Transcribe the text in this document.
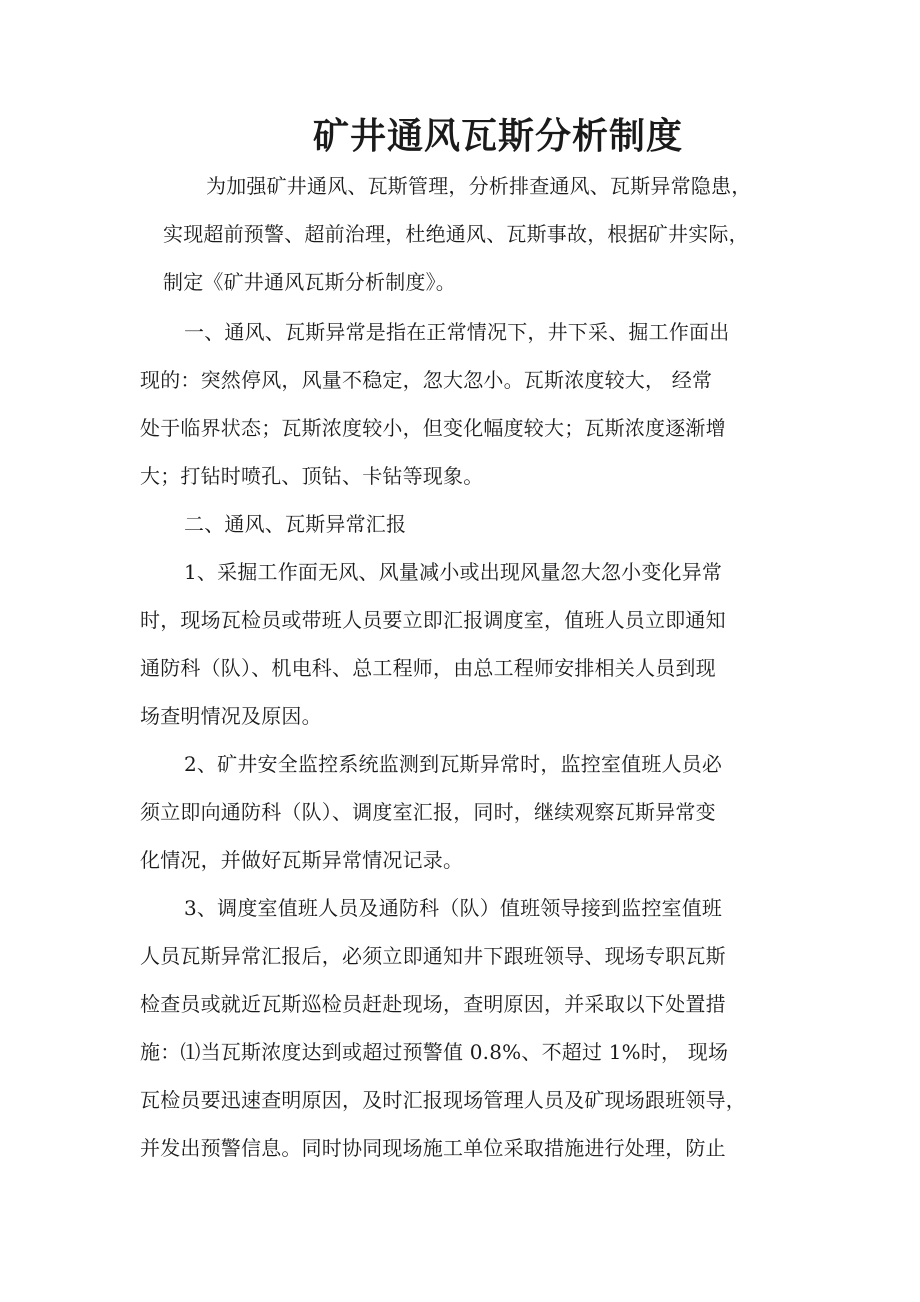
矿井通风瓦斯分析制度
为加强矿井通风、瓦斯管理，分析排查通风、瓦斯异常隐患，
实现超前预警、超前治理，杜绝通风、瓦斯事故，根据矿井实际，
制定《矿井通风瓦斯分析制度》。
一、通风、瓦斯异常是指在正常情况下，井下采、掘工作面出
现的：突然停风，风量不稳定，忽大忽小。瓦斯浓度较大， 经常
处于临界状态；瓦斯浓度较小，但变化幅度较大；瓦斯浓度逐渐增
大；打钻时喷孔、顶钻、卡钻等现象。
二、通风、瓦斯异常汇报
1、采掘工作面无风、风量减小或出现风量忽大忽小变化异常
时，现场瓦检员或带班人员要立即汇报调度室，值班人员立即通知
通防科（队）、机电科、总工程师，由总工程师安排相关人员到现
场查明情况及原因。
2、矿井安全监控系统监测到瓦斯异常时，监控室值班人员必
须立即向通防科（队）、调度室汇报，同时，继续观察瓦斯异常变
化情况，并做好瓦斯异常情况记录。
3、调度室值班人员及通防科（队）值班领导接到监控室值班
人员瓦斯异常汇报后，必须立即通知井下跟班领导、现场专职瓦斯
检查员或就近瓦斯巡检员赶赴现场，查明原因，并采取以下处置措
施：⑴当瓦斯浓度达到或超过预警值 0.8%、不超过 1%时， 现场
瓦检员要迅速查明原因，及时汇报现场管理人员及矿现场跟班领导，
并发出预警信息。同时协同现场施工单位采取措施进行处理，防止
